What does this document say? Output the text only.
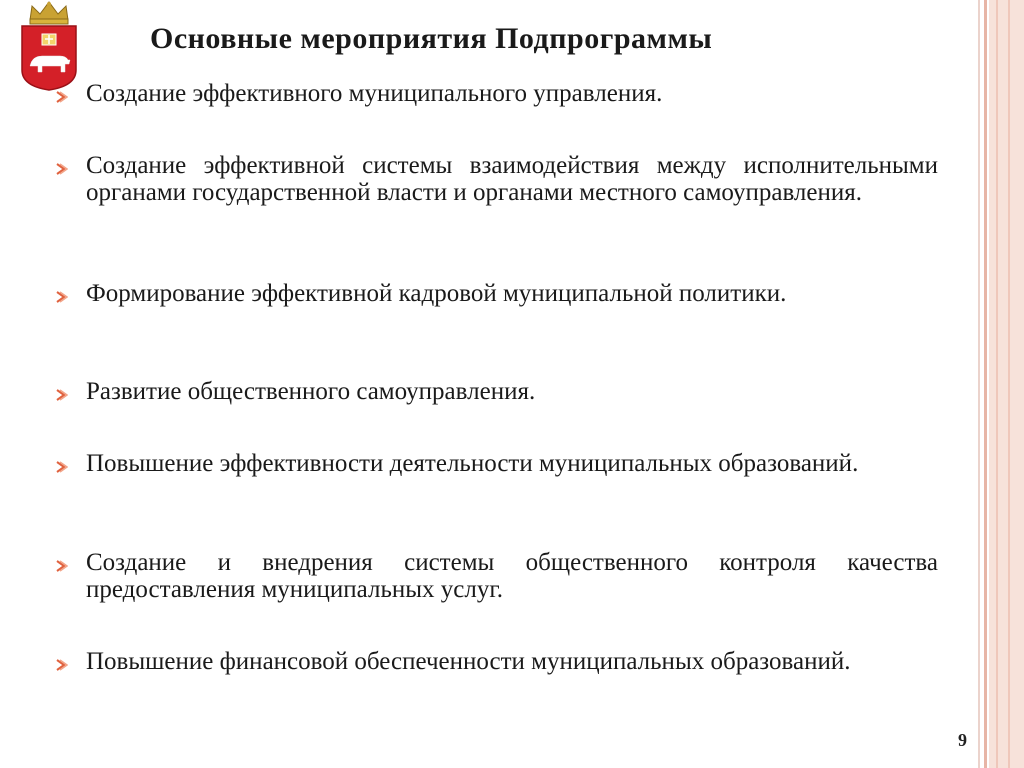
Основные мероприятия Подпрограммы
Создание эффективного муниципального управления.
Создание эффективной системы взаимодействия между исполнительными органами государственной власти и органами местного самоуправления.
Формирование эффективной кадровой муниципальной политики.
Развитие общественного самоуправления.
Повышение эффективности деятельности муниципальных образований.
Создание и внедрения системы общественного контроля качества предоставления муниципальных услуг.
Повышение финансовой обеспеченности муниципальных образований.
9
